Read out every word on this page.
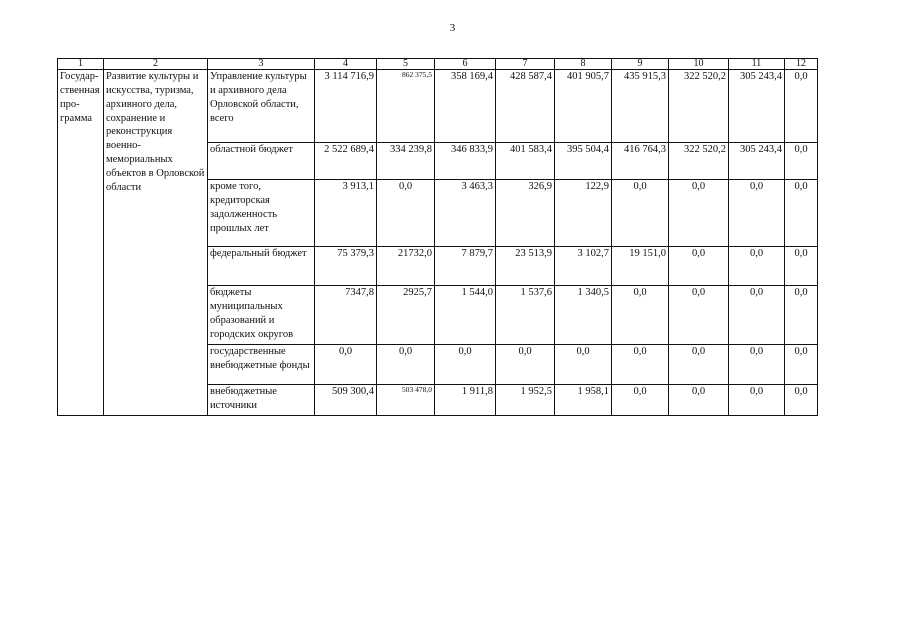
3
1	2	3	4	5	6	7	8	9	10	11	12
Государ-ственная про-грамма	Развитие культуры и искусства, туризма, архивного дела, сохранение и реконструкция военно-мемориальных объектов в Орловской области	Управление культуры и архивного дела Орловской области, всего	3 114 716,9	862 375,5	358 169,4	428 587,4	401 905,7	435 915,3	322 520,2	305 243,4	0,0
		областной бюджет	2 522 689,4	334 239,8	346 833,9	401 583,4	395 504,4	416 764,3	322 520,2	305 243,4	0,0
		кроме того, кредиторская задолженность прошлых лет	3 913,1	0,0	3 463,3	326,9	122,9	0,0	0,0	0,0	0,0
		федеральный бюджет	75 379,3	21732,0	7 879,7	23 513,9	3 102,7	19 151,0	0,0	0,0	0,0
		бюджеты муниципальных образований и городских округов	7347,8	2925,7	1 544,0	1 537,6	1 340,5	0,0	0,0	0,0	0,0
		государственные внебюджетные фонды	0,0	0,0	0,0	0,0	0,0	0,0	0,0	0,0	0,0
		внебюджетные источники	509 300,4	503 478,0	1 911,8	1 952,5	1 958,1	0,0	0,0	0,0	0,0
